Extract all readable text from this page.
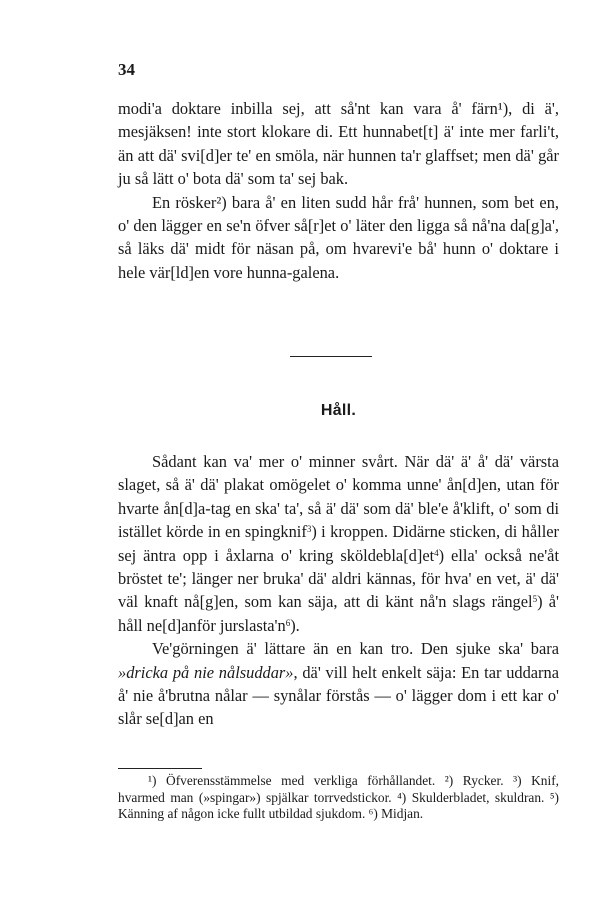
34

modi'a doktare inbilla sej, att så'nt kan vara å' färn¹), di ä', mesjäksen! inte stort klokare di. Ett hunnabet[t] ä' inte mer farli't, än att dä' svi[d]er te' en smöla, när hunnen ta'r glaffset; men dä' går ju så lätt o' bota dä' som ta' sej bak.

En rösker²) bara å' en liten sudd hår frå' hunnen, som bet en, o' den lägger en se'n öfver så[r]et o' läter den ligga så nå'na da[g]a', så läks dä' midt för näsan på, om hvarevi'e bå' hunn o' doktare i hele vär[ld]en vore hunna-galena.

Håll.

Sådant kan va' mer o' minner svårt. När dä' ä' å' dä' värsta slaget, så ä' dä' plakat omögelet o' komma unne' ån[d]en, utan för hvarte ån[d]a-tag en ska' ta', så ä' dä' som dä' ble'e å'klift, o' som di istället körde in en spingknif$^3$) i kroppen. Didärne sticken, di håller sej äntra opp i åxlarna o' kring $sköldebla[d]et^4$) ella' också ne'åt bröstet te'; länger ner bruka' dä' aldri kännas, för hva' en vet, ä' dä' väl knaft nå[g]en, som kan säja, att di känt nå'n slags rängel$^5$) å' håll ne[d]anför $jurslasta'n^6$).

Ve'görningen ä' lättare än en kan tro. Den sjuke ska' bara »dricka på nie nålsuddar», dä' vill helt enkelt säja: En tar uddarna å' nie å'brutna nålar — synålar förstås — o' lägger dom i ett kar o' slår se[d]an en

¹) Öfverensstämmelse med verkliga förhållandet. ²) Rycker. ³) Knif, hvarmed man (»spingar») spjälkar torrvedstickor. ⁴) Skulderbladet, skuldran. ⁵) Känning af någon icke fullt utbildad sjukdom. ⁶) Midjan.
